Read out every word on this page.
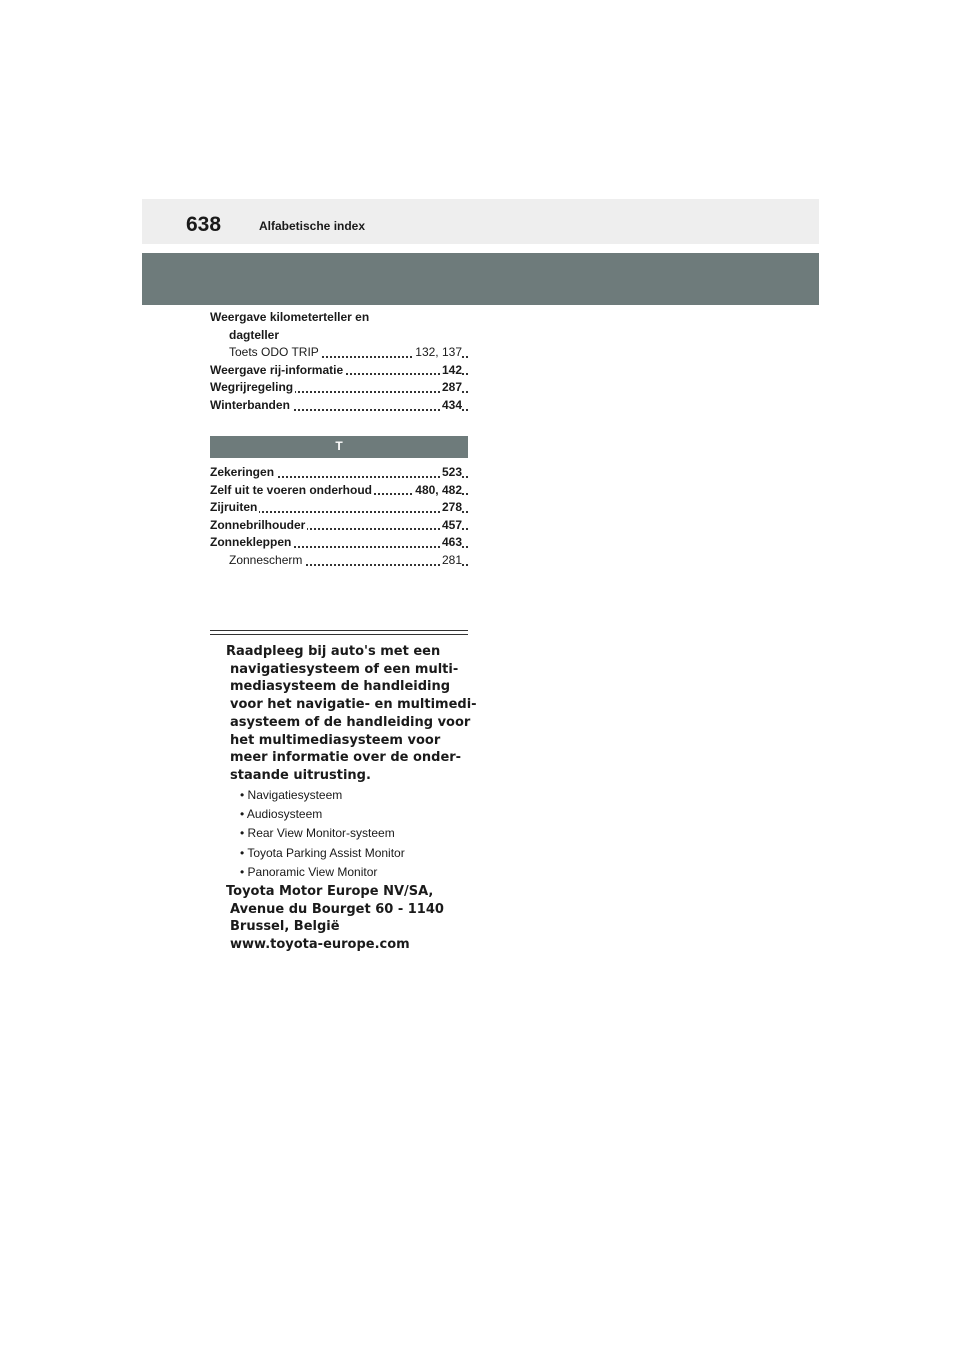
638	Alfabetische index
Weergave kilometerteller en
dagteller
Toets ODO TRIP	132, 137
Weergave rij-informatie	142
Wegrijregeling	287
Winterbanden	434
T
Zekeringen	523
Zelf uit te voeren onderhoud	480, 482
Zijruiten	278
Zonnebrilhouder	457
Zonnekleppen	463
Zonnescherm	281
Raadpleeg bij auto's met een
navigatiesysteem of een multi-
mediasysteem de handleiding
voor het navigatie- en multimedi-
asysteem of de handleiding voor
het multimediasysteem voor
meer informatie over de onder-
staande uitrusting.
• Navigatiesysteem
• Audiosysteem
• Rear View Monitor-systeem
• Toyota Parking Assist Monitor
• Panoramic View Monitor
Toyota Motor Europe NV/SA,
Avenue du Bourget 60 - 1140
Brussel, België
www.toyota-europe.com
